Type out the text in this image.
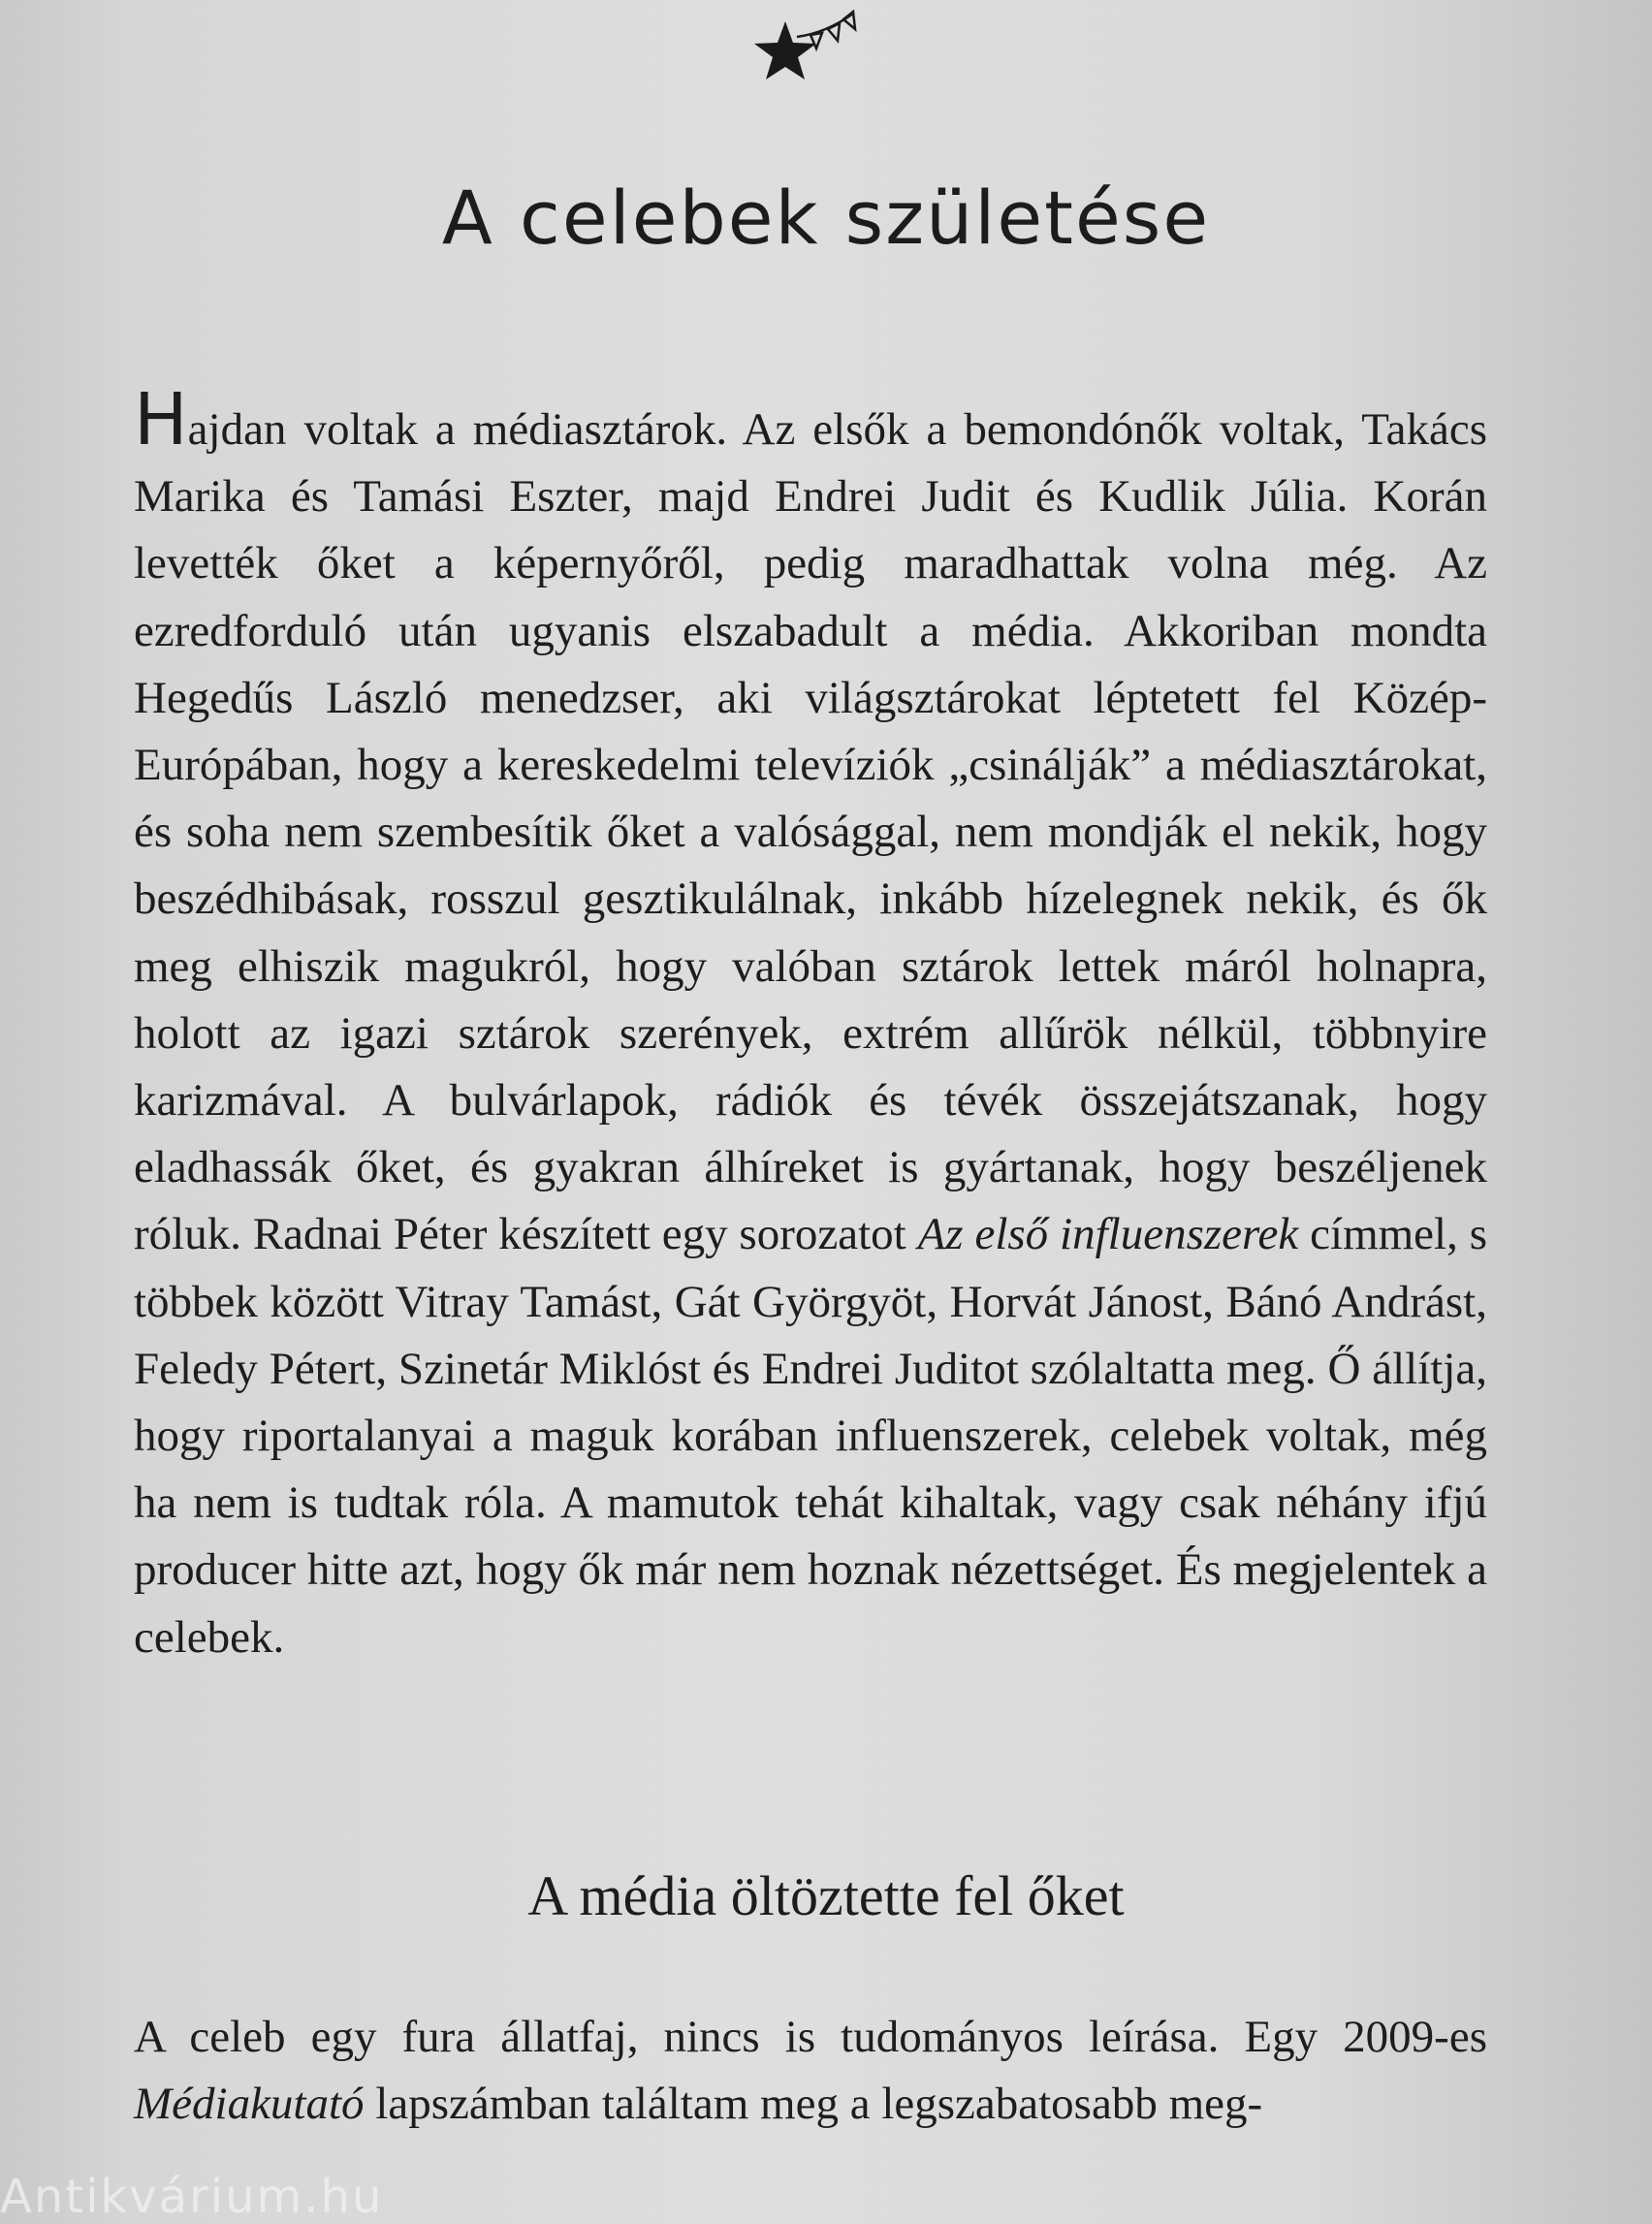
A celebek születése

Hajdan voltak a médiasztárok. Az elsők a bemondónők voltak, Takács Marika és Tamási Eszter, majd Endrei Judit és Kudlik Júlia. Korán levették őket a képernyőről, pedig maradhattak volna még. Az ezredforduló után ugyanis elszabadult a média. Akkoriban mondta Hegedűs László menedzser, aki világsztárokat léptetett fel Közép-Európában, hogy a kereskedelmi televíziók „csinálják” a médiasztárokat, és soha nem szembesítik őket a valósággal, nem mondják el nekik, hogy beszédhibásak, rosszul gesztikulálnak, inkább hízelegnek nekik, és ők meg elhiszik magukról, hogy valóban sztárok lettek máról holnapra, holott az igazi sztárok szerények, extrém allűrök nélkül, többnyire karizmával. A bulvárlapok, rádiók és tévék összejátszanak, hogy eladhassák őket, és gyakran álhíreket is gyártanak, hogy beszéljenek róluk. Radnai Péter készített egy sorozatot Az első influenszerek címmel, s többek között Vitray Tamást, Gát Györgyöt, Horvát Jánost, Bánó Andrást, Feledy Pétert, Szinetár Miklóst és Endrei Juditot szólaltatta meg. Ő állítja, hogy riportalanyai a maguk korában influenszerek, celebek voltak, még ha nem is tudtak róla. A mamutok tehát kihaltak, vagy csak néhány ifjú producer hitte azt, hogy ők már nem hoznak nézettséget. És megjelentek a celebek.

A média öltöztette fel őket

A celeb egy fura állatfaj, nincs is tudományos leírása. Egy 2009-es Médiakutató lapszámban találtam meg a legszabatosabb meg-

Antikvárium.hu
